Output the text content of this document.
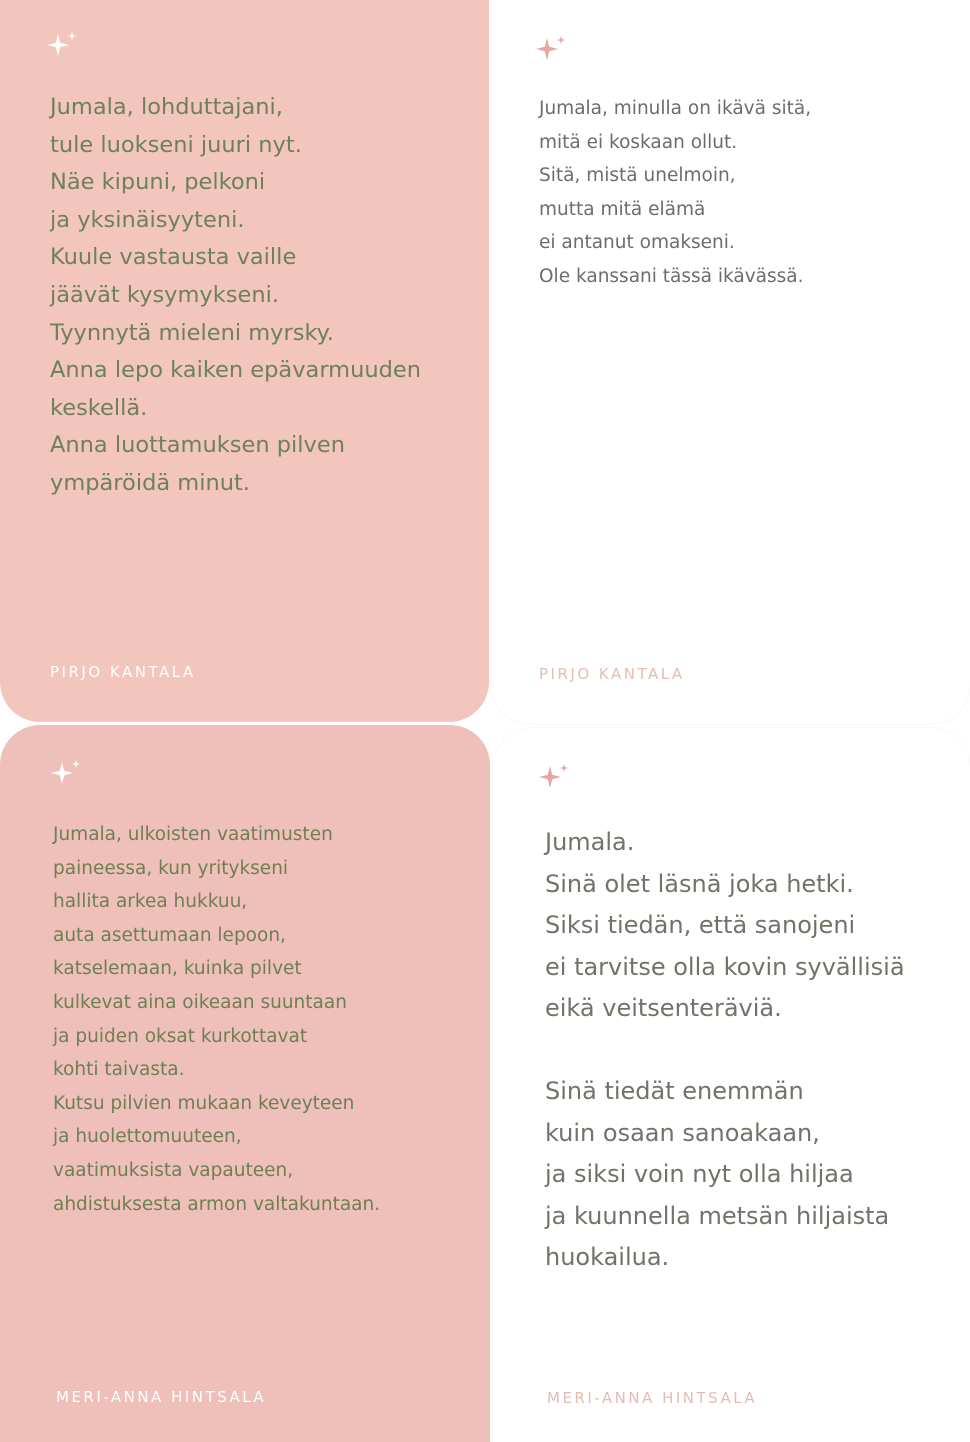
Jumala, lohduttajani,
tule luokseni juuri nyt.
Näe kipuni, pelkoni
ja yksinäisyyteni.
Kuule vastausta vaille
jäävät kysymykseni.
Tyynnytä mieleni myrsky.
Anna lepo kaiken epävarmuuden
keskellä.
Anna luottamuksen pilven
ympäröidä minut.

PIRJO KANTALA

Jumala, minulla on ikävä sitä,
mitä ei koskaan ollut.
Sitä, mistä unelmoin,
mutta mitä elämä
ei antanut omakseni.
Ole kanssani tässä ikävässä.

PIRJO KANTALA

Jumala, ulkoisten vaatimusten
paineessa, kun yritykseni
hallita arkea hukkuu,
auta asettumaan lepoon,
katselemaan, kuinka pilvet
kulkevat aina oikeaan suuntaan
ja puiden oksat kurkottavat
kohti taivasta.
Kutsu pilvien mukaan keveyteen
ja huolettomuuteen,
vaatimuksista vapauteen,
ahdistuksesta armon valtakuntaan.

MERI-ANNA HINTSALA

Jumala.
Sinä olet läsnä joka hetki.
Siksi tiedän, että sanojeni
ei tarvitse olla kovin syvällisiä
eikä veitsenteräviä.

Sinä tiedät enemmän
kuin osaan sanoakaan,
ja siksi voin nyt olla hiljaa
ja kuunnella metsän hiljaista
huokailua.

MERI-ANNA HINTSALA
